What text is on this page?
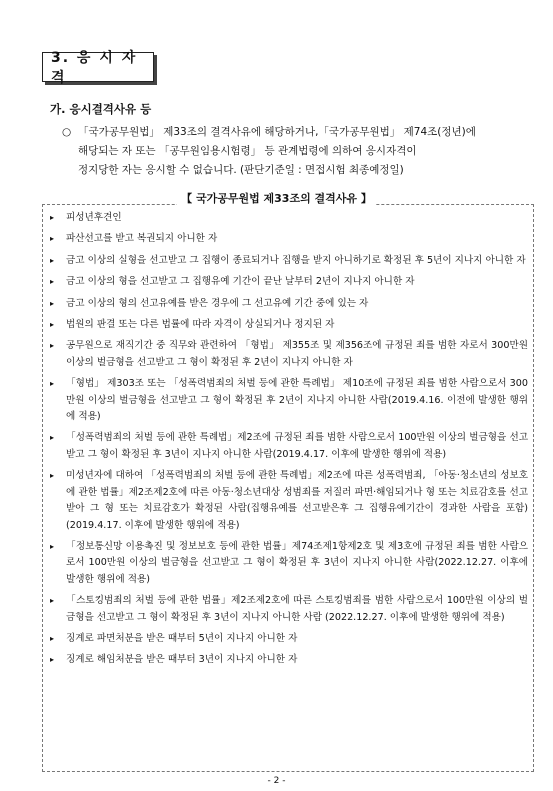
3. 응 시 자 격
가. 응시결격사유 등
○ 「국가공무원법」 제33조의 결격사유에 해당하거나,「국가공무원법」 제74조(정년)에
해당되는 자 또는 「공무원임용시험령」 등 관계법령에 의하여 응시자격이
정지당한 자는 응시할 수 없습니다. (판단기준일 : 면접시험 최종예정일)
【 국가공무원법 제33조의 결격사유 】
▸ 피성년후견인
▸ 파산선고를 받고 복권되지 아니한 자
▸ 금고 이상의 실형을 선고받고 그 집행이 종료되거나 집행을 받지 아니하기로 확정된 후 5년이 지나지 아니한 자
▸ 금고 이상의 형을 선고받고 그 집행유예 기간이 끝난 날부터 2년이 지나지 아니한 자
▸ 금고 이상의 형의 선고유예를 받은 경우에 그 선고유예 기간 중에 있는 자
▸ 법원의 판결 또는 다른 법률에 따라 자격이 상실되거나 정지된 자
▸ 공무원으로 재직기간 중 직무와 관련하여 「형법」 제355조 및 제356조에 규정된 죄를 범한 자로서 300만원 이상의 벌금형을 선고받고 그 형이 확정된 후 2년이 지나지 아니한 자
▸ 「형법」 제303조 또는 「성폭력범죄의 처벌 등에 관한 특례법」 제10조에 규정된 죄를 범한 사람으로서 300만원 이상의 벌금형을 선고받고 그 형이 확정된 후 2년이 지나지 아니한 사람(2019.4.16. 이전에 발생한 행위에 적용)
▸ 「성폭력범죄의 처벌 등에 관한 특례법」제2조에 규정된 죄를 범한 사람으로서 100만원 이상의 벌금형을 선고받고 그 형이 확정된 후 3년이 지나지 아니한 사람(2019.4.17. 이후에 발생한 행위에 적용)
▸ 미성년자에 대하여 「성폭력범죄의 처벌 등에 관한 특례법」제2조에 따른 성폭력범죄, 「아동·청소년의 성보호에 관한 법률」제2조제2호에 따른 아동·청소년대상 성범죄를 저질러 파면·해임되거나 형 또는 치료감호를 선고받아 그 형 또는 치료감호가 확정된 사람(집행유예를 선고받은후 그 집행유예기간이 경과한 사람을 포함) (2019.4.17. 이후에 발생한 행위에 적용)
▸ 「정보통신망 이용촉진 및 정보보호 등에 관한 법률」제74조제1항제2호 및 제3호에 규정된 죄를 범한 사람으로서 100만원 이상의 벌금형을 선고받고 그 형이 확정된 후 3년이 지나지 아니한 사람(2022.12.27. 이후에 발생한 행위에 적용)
▸ 「스토킹범죄의 처벌 등에 관한 법률」제2조제2호에 따른 스토킹범죄를 범한 사람으로서 100만원 이상의 벌금형을 선고받고 그 형이 확정된 후 3년이 지나지 아니한 사람 (2022.12.27. 이후에 발생한 행위에 적용)
▸ 징계로 파면처분을 받은 때부터 5년이 지나지 아니한 자
▸ 징계로 해임처분을 받은 때부터 3년이 지나지 아니한 자
- 2 -
